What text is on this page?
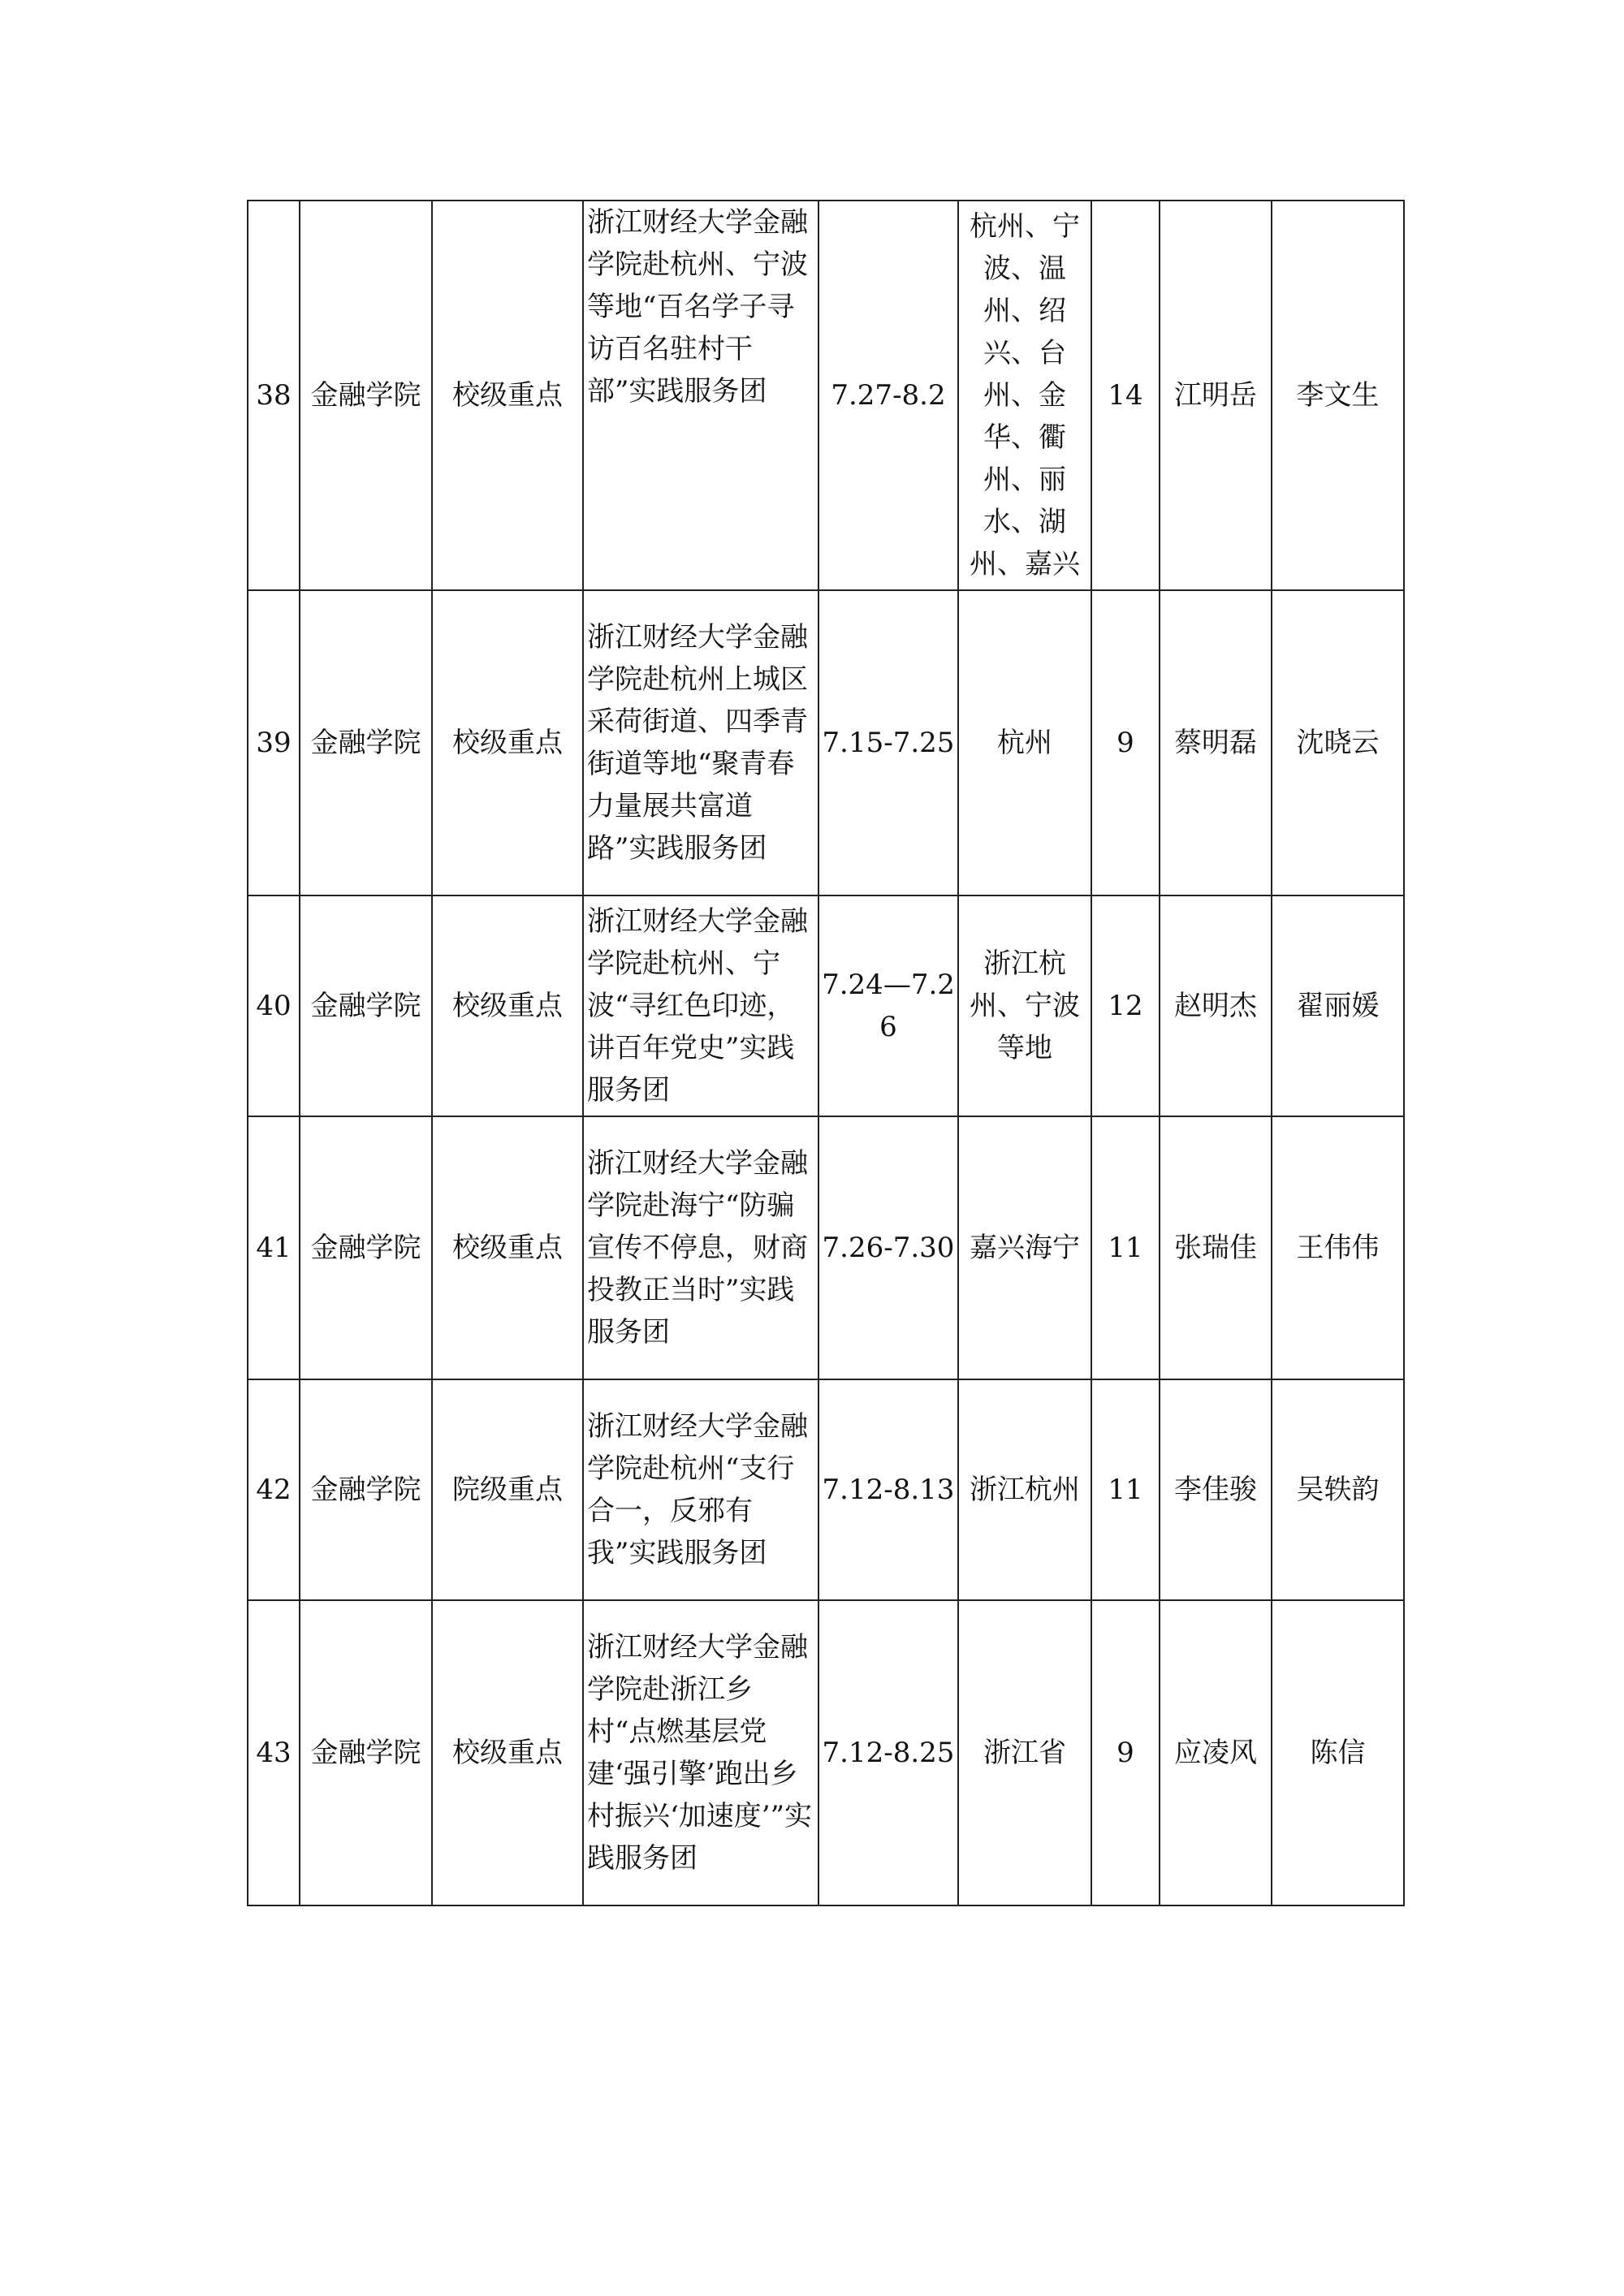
38	金融学院	校级重点	浙江财经大学金融学院赴杭州、宁波等地“百名学子寻访百名驻村干部”实践服务团	7.27-8.2	杭州、宁波、温州、绍兴、台州、金华、衢州、丽水、湖州、嘉兴	14	江明岳	李文生
39	金融学院	校级重点	浙江财经大学金融学院赴杭州上城区采荷街道、四季青街道等地“聚青春力量展共富道路”实践服务团	7.15-7.25	杭州	9	蔡明磊	沈晓云
40	金融学院	校级重点	浙江财经大学金融学院赴杭州、宁波“寻红色印迹，讲百年党史”实践服务团	7.24—7.26	浙江杭州、宁波等地	12	赵明杰	翟丽媛
41	金融学院	校级重点	浙江财经大学金融学院赴海宁“防骗宣传不停息，财商投教正当时”实践服务团	7.26-7.30	嘉兴海宁	11	张瑞佳	王伟伟
42	金融学院	院级重点	浙江财经大学金融学院赴杭州“支行合一，反邪有我”实践服务团	7.12-8.13	浙江杭州	11	李佳骏	吴轶韵
43	金融学院	校级重点	浙江财经大学金融学院赴浙江乡村“点燃基层党建‘强引擎’跑出乡村振兴‘加速度’”实践服务团	7.12-8.25	浙江省	9	应凌风	陈信
